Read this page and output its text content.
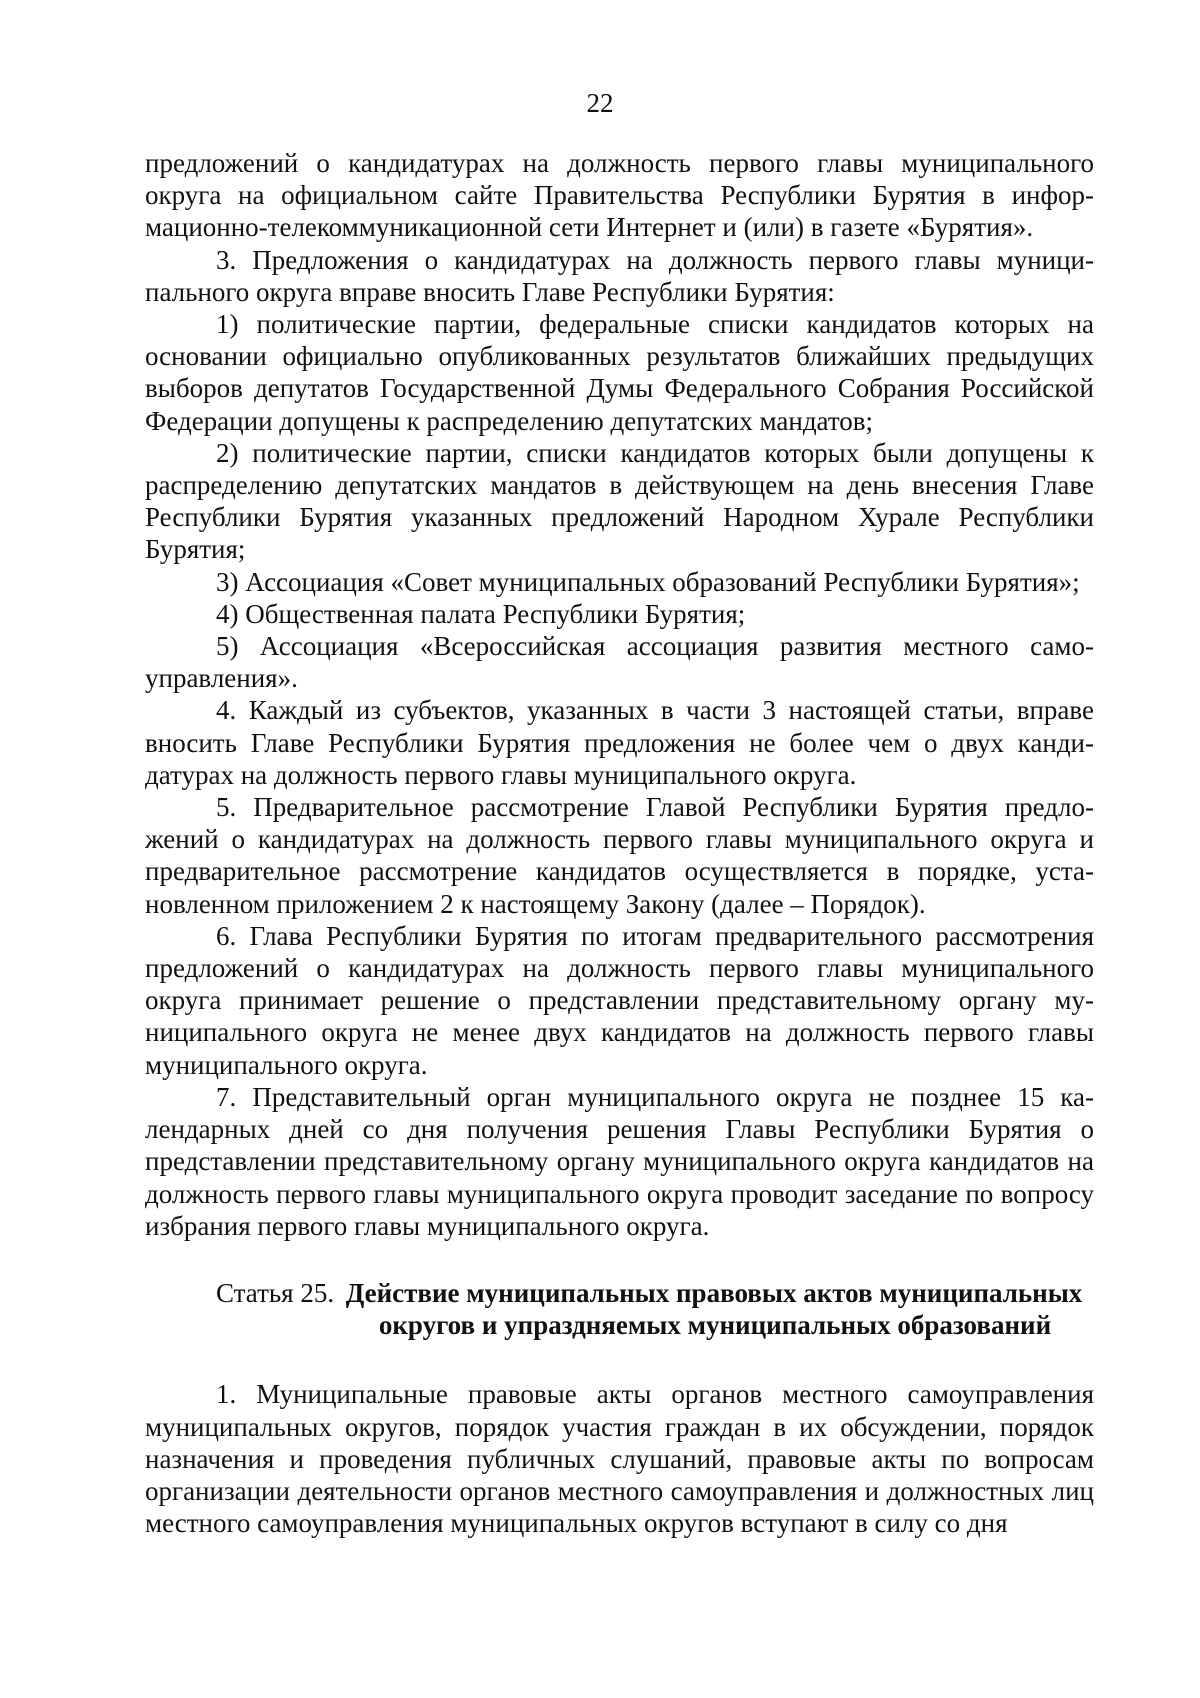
22

предложений о кандидатурах на должность первого главы муниципального округа на официальном сайте Правительства Республики Бурятия в информационно-телекоммуникационной сети Интернет и (или) в газете «Бурятия».

3. Предложения о кандидатурах на должность первого главы муниципального округа вправе вносить Главе Республики Бурятия:

1) политические партии, федеральные списки кандидатов которых на основании официально опубликованных результатов ближайших предыдущих выборов депутатов Государственной Думы Федерального Собрания Российской Федерации допущены к распределению депутатских мандатов;

2) политические партии, списки кандидатов которых были допущены к распределению депутатских мандатов в действующем на день внесения Главе Республики Бурятия указанных предложений Народном Хурале Республики Бурятия;

3) Ассоциация «Совет муниципальных образований Республики Бурятия»;

4) Общественная палата Республики Бурятия;

5) Ассоциация «Всероссийская ассоциация развития местного самоуправления».

4. Каждый из субъектов, указанных в части 3 настоящей статьи, вправе вносить Главе Республики Бурятия предложения не более чем о двух кандидатурах на должность первого главы муниципального округа.

5. Предварительное рассмотрение Главой Республики Бурятия предложений о кандидатурах на должность первого главы муниципального округа и предварительное рассмотрение кандидатов осуществляется в порядке, установленном приложением 2 к настоящему Закону (далее – Порядок).

6. Глава Республики Бурятия по итогам предварительного рассмотрения предложений о кандидатурах на должность первого главы муниципального округа принимает решение о представлении представительному органу муниципального округа не менее двух кандидатов на должность первого главы муниципального округа.

7. Представительный орган муниципального округа не позднее 15 календарных дней со дня получения решения Главы Республики Бурятия о представлении представительному органу муниципального округа кандидатов на должность первого главы муниципального округа проводит заседание по вопросу избрания первого главы муниципального округа.

Статья 25. Действие муниципальных правовых актов муниципальных округов и упраздняемых муниципальных образований

1. Муниципальные правовые акты органов местного самоуправления муниципальных округов, порядок участия граждан в их обсуждении, порядок назначения и проведения публичных слушаний, правовые акты по вопросам организации деятельности органов местного самоуправления и должностных лиц местного самоуправления муниципальных округов вступают в силу со дня
